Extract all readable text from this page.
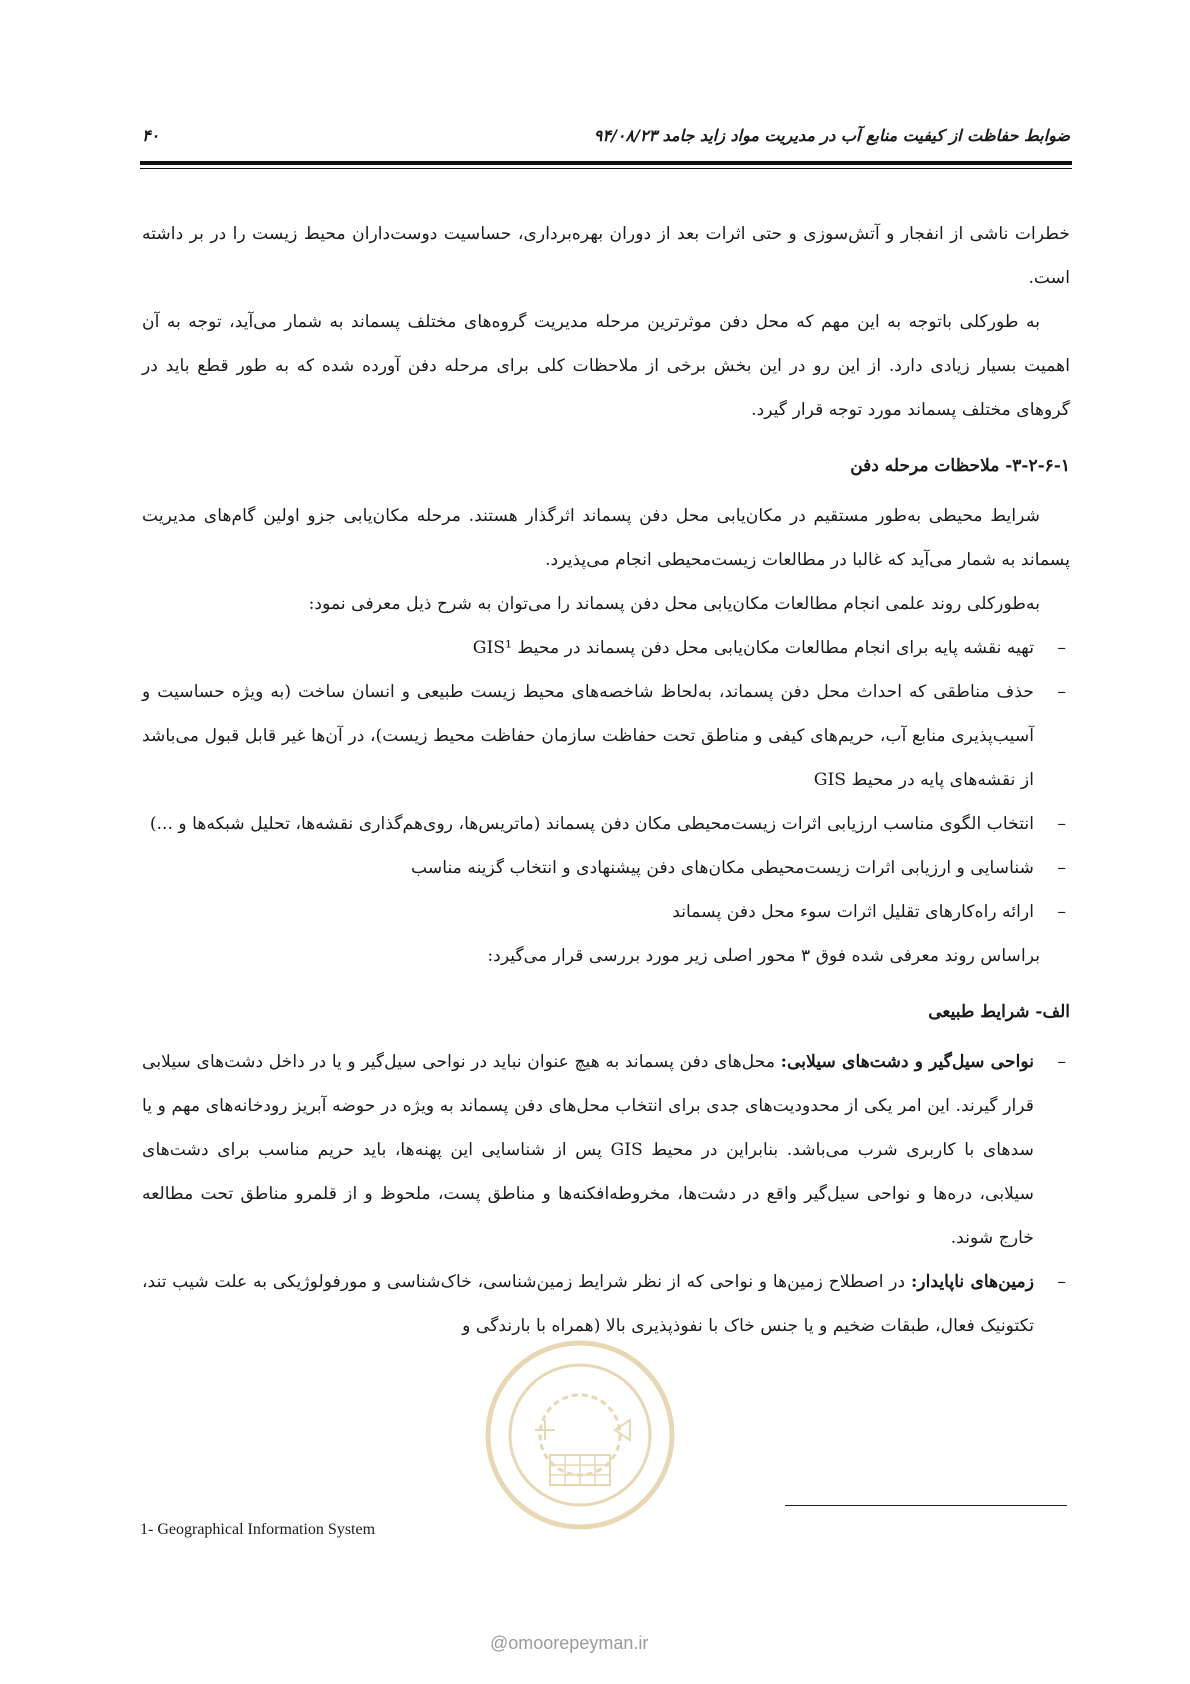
ضوابط حفاظت از کیفیت منابع آب در مدیریت مواد زاید جامد ۹۴/۰۸/۲۳
۴۰

خطرات ناشی از انفجار و آتش‌سوزی و حتی اثرات بعد از دوران بهره‌برداری، حساسیت دوست‌داران محیط زیست را در بر داشته است.

به طورکلی باتوجه به این مهم که محل دفن موثرترین مرحله مدیریت گروه‌های مختلف پسماند به شمار می‌آید، توجه به آن اهمیت بسیار زیادی دارد. از این رو در این بخش برخی از ملاحظات کلی برای مرحله دفن آورده شده که به طور قطع باید در گروهای مختلف پسماند مورد توجه قرار گیرد.

۳-۲-۶-۱- ملاحظات مرحله دفن

شرایط محیطی به‌طور مستقیم در مکان‌یابی محل دفن پسماند اثرگذار هستند. مرحله مکان‌یابی جزو اولین گام‌های مدیریت پسماند به شمار می‌آید که غالبا در مطالعات زیست‌محیطی انجام می‌پذیرد.

به‌طورکلی روند علمی انجام مطالعات مکان‌یابی محل دفن پسماند را می‌توان به شرح ذیل معرفی نمود:

–
تهیه نقشه پایه برای انجام مطالعات مکان‌یابی محل دفن پسماند در محیط GIS¹
–
حذف مناطقی که احداث محل دفن پسماند، به‌لحاظ شاخصه‌های محیط زیست طبیعی و انسان ساخت (به ویژه حساسیت و آسیب‌پذیری منابع آب، حریم‌های کیفی و مناطق تحت حفاظت سازمان حفاظت محیط زیست)، در آن‌ها غیر قابل قبول می‌باشد از نقشه‌های پایه در محیط GIS
–
انتخاب الگوی مناسب ارزیابی اثرات زیست‌محیطی مکان دفن پسماند (ماتریس‌ها، روی‌هم‌گذاری نقشه‌ها، تحلیل شبکه‌ها و ...)
–
شناسایی و ارزیابی اثرات زیست‌محیطی مکان‌های دفن پیشنهادی و انتخاب گزینه مناسب
–
ارائه راه‌کارهای تقلیل اثرات سوء محل دفن پسماند

براساس روند معرفی شده فوق ۳ محور اصلی زیر مورد بررسی قرار می‌گیرد:

الف- شرایط طبیعی
–
نواحی سیل‌گیر و دشت‌های سیلابی: محل‌های دفن پسماند به هیچ عنوان نباید در نواحی سیل‌گیر و یا در داخل دشت‌های سیلابی قرار گیرند. این امر یکی از محدودیت‌های جدی برای انتخاب محل‌های دفن پسماند به ویژه در حوضه آبریز رودخانه‌های مهم و یا سدهای با کاربری شرب می‌باشد. بنابراین در محیط GIS پس از شناسایی این پهنه‌ها، باید حریم مناسب برای دشت‌های سیلابی، دره‌ها و نواحی سیل‌گیر واقع در دشت‌ها، مخروطه‌افکنه‌ها و مناطق پست، ملحوظ و از قلمرو مناطق تحت مطالعه خارج شوند.
–
زمین‌های ناپایدار: در اصطلاح زمین‌ها و نواحی که از نظر شرایط زمین‌شناسی، خاک‌شناسی و مورفولوژیکی به علت شیب تند، تکتونیک فعال، طبقات ضخیم و یا جنس خاک با نفوذپذیری بالا (همراه با بارندگی و
1- Geographical Information System
@omoorepeyman.ir
